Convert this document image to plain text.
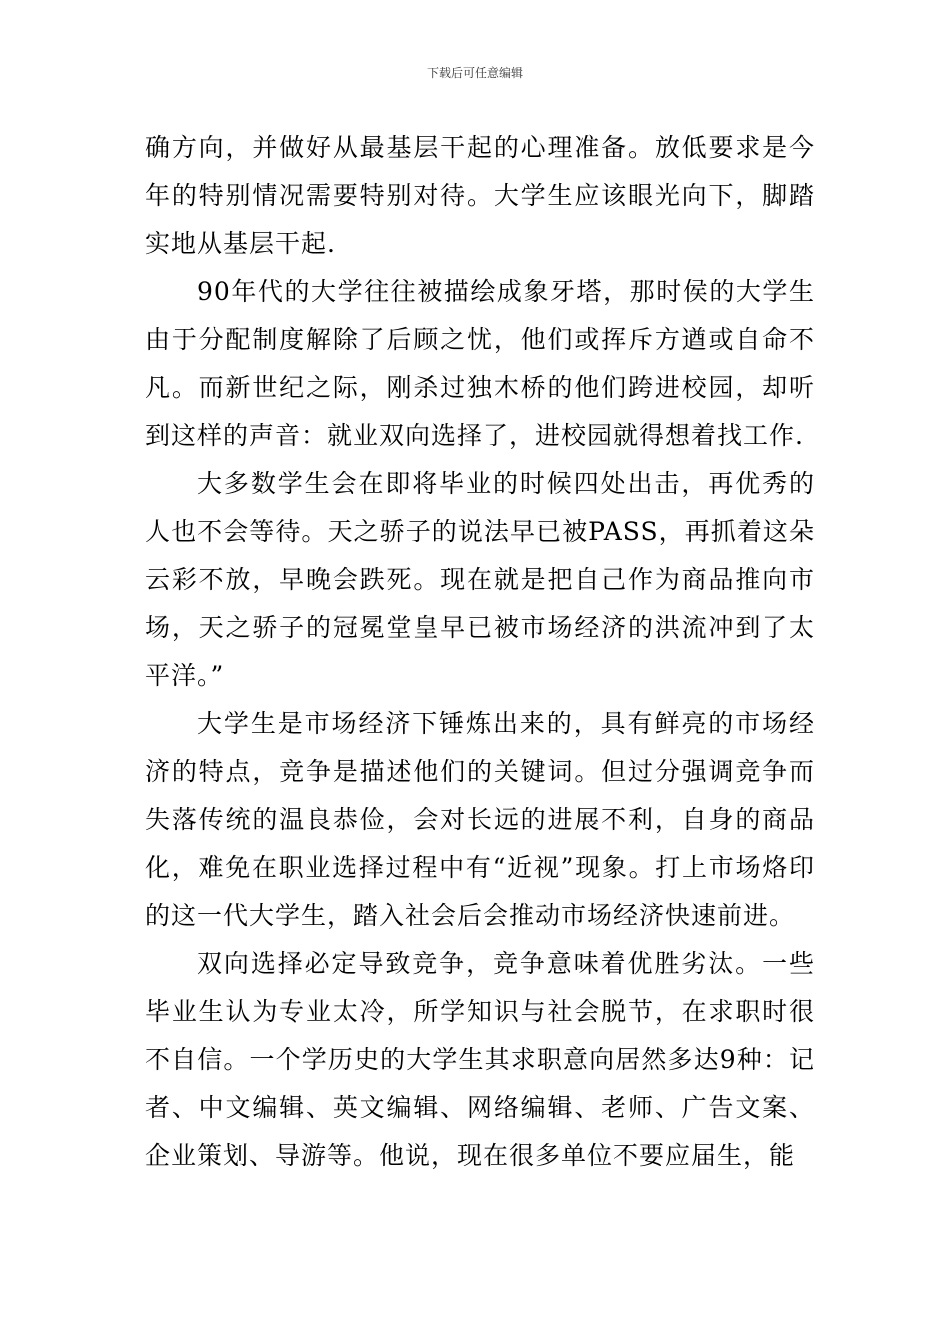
下载后可任意编辑

确方向，并做好从最基层干起的心理准备。放低要求是今年的特别情况需要特别对待。大学生应该眼光向下，脚踏实地从基层干起.

90年代的大学往往被描绘成象牙塔，那时侯的大学生由于分配制度解除了后顾之忧，他们或挥斥方遒或自命不凡。而新世纪之际，刚杀过独木桥的他们跨进校园，却听到这样的声音：就业双向选择了，进校园就得想着找工作.

大多数学生会在即将毕业的时候四处出击，再优秀的人也不会等待。天之骄子的说法早已被PASS，再抓着这朵云彩不放，早晚会跌死。现在就是把自己作为商品推向市场，天之骄子的冠冕堂皇早已被市场经济的洪流冲到了太平洋。”

大学生是市场经济下锤炼出来的，具有鲜亮的市场经济的特点，竞争是描述他们的关键词。但过分强调竞争而失落传统的温良恭俭，会对长远的进展不利，自身的商品化，难免在职业选择过程中有“近视”现象。打上市场烙印的这一代大学生，踏入社会后会推动市场经济快速前进。

双向选择必定导致竞争，竞争意味着优胜劣汰。一些毕业生认为专业太冷，所学知识与社会脱节，在求职时很不自信。一个学历史的大学生其求职意向居然多达9种：记者、中文编辑、英文编辑、网络编辑、老师、广告文案、企业策划、导游等。他说，现在很多单位不要应届生，能
